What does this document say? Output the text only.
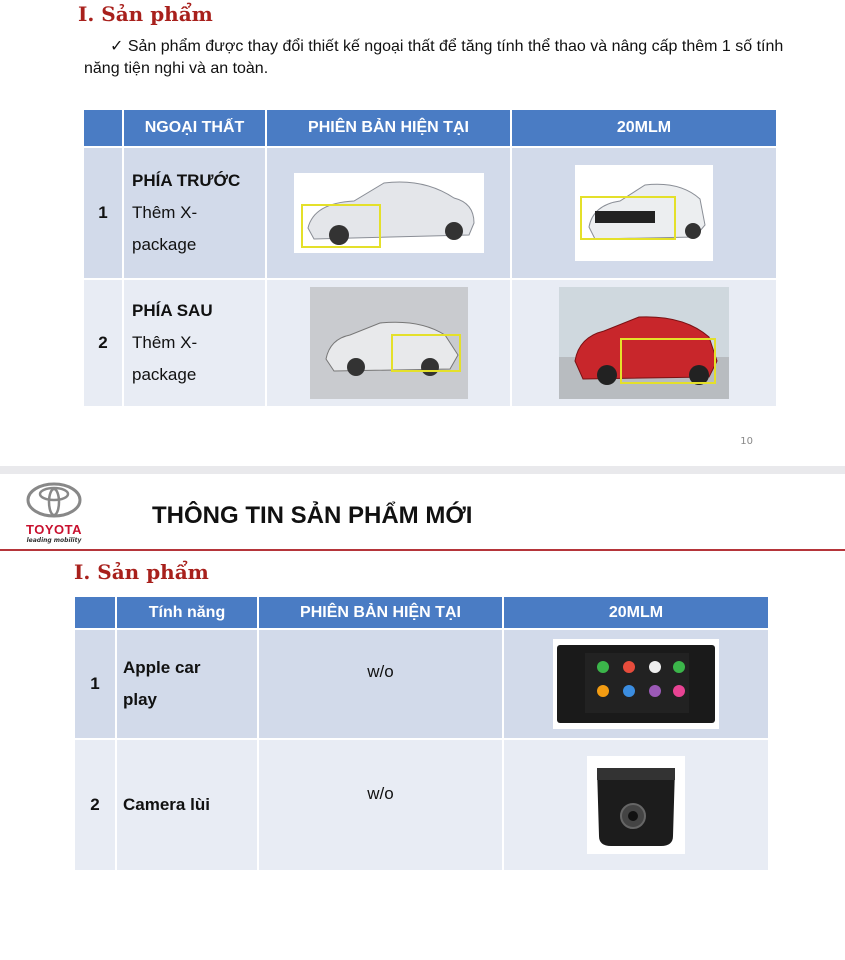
I. Sản phẩm
✓ Sản phẩm được thay đổi thiết kế ngoại thất để tăng tính thể thao và nâng cấp thêm 1 số tính năng tiện nghi và an toàn.
	NGOẠI THẤT	PHIÊN BẢN HIỆN TẠI	20MLM
1	PHÍA TRƯỚC
Thêm X-package

2	PHÍA SAU
Thêm X-package

10
TOYOTA
leading mobility
THÔNG TIN SẢN PHẨM MỚI
I. Sản phẩm
	Tính năng	PHIÊN BẢN HIỆN TẠI	20MLM
1	Apple car play	w/o	

2	Camera lùi	w/o	
